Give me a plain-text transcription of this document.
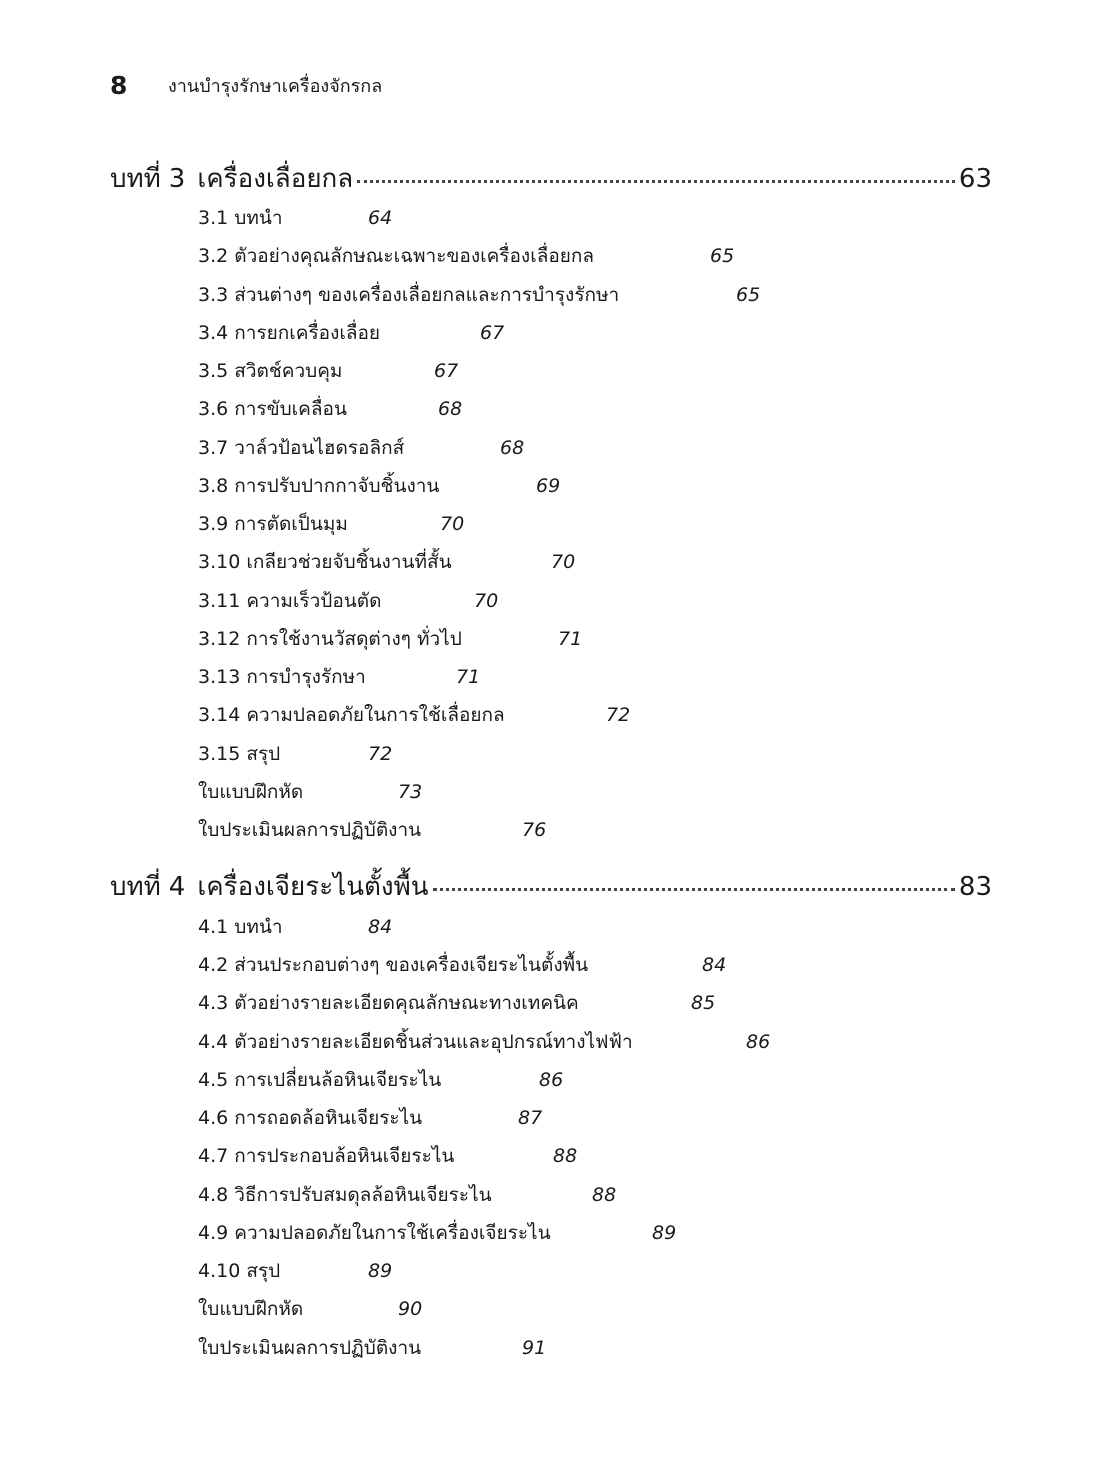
8	งานบำรุงรักษาเครื่องจักรกล
บทที่ 3 เครื่องเลื่อยกล	63
3.1 บทนำ	64
3.2 ตัวอย่างคุณลักษณะเฉพาะของเครื่องเลื่อยกล	65
3.3 ส่วนต่างๆ ของเครื่องเลื่อยกลและการบำรุงรักษา	65
3.4 การยกเครื่องเลื่อย	67
3.5 สวิตช์ควบคุม	67
3.6 การขับเคลื่อน	68
3.7 วาล์วป้อนไฮดรอลิกส์	68
3.8 การปรับปากกาจับชิ้นงาน	69
3.9 การตัดเป็นมุม	70
3.10 เกลียวช่วยจับชิ้นงานที่สั้น	70
3.11 ความเร็วป้อนตัด	70
3.12 การใช้งานวัสดุต่างๆ ทั่วไป	71
3.13 การบำรุงรักษา	71
3.14 ความปลอดภัยในการใช้เลื่อยกล	72
3.15 สรุป	72
ใบแบบฝึกหัด	73
ใบประเมินผลการปฏิบัติงาน	76
บทที่ 4 เครื่องเจียระไนตั้งพื้น	83
4.1 บทนำ	84
4.2 ส่วนประกอบต่างๆ ของเครื่องเจียระไนตั้งพื้น	84
4.3 ตัวอย่างรายละเอียดคุณลักษณะทางเทคนิค	85
4.4 ตัวอย่างรายละเอียดชิ้นส่วนและอุปกรณ์ทางไฟฟ้า	86
4.5 การเปลี่ยนล้อหินเจียระไน	86
4.6 การถอดล้อหินเจียระไน	87
4.7 การประกอบล้อหินเจียระไน	88
4.8 วิธีการปรับสมดุลล้อหินเจียระไน	88
4.9 ความปลอดภัยในการใช้เครื่องเจียระไน	89
4.10 สรุป	89
ใบแบบฝึกหัด	90
ใบประเมินผลการปฏิบัติงาน	91
